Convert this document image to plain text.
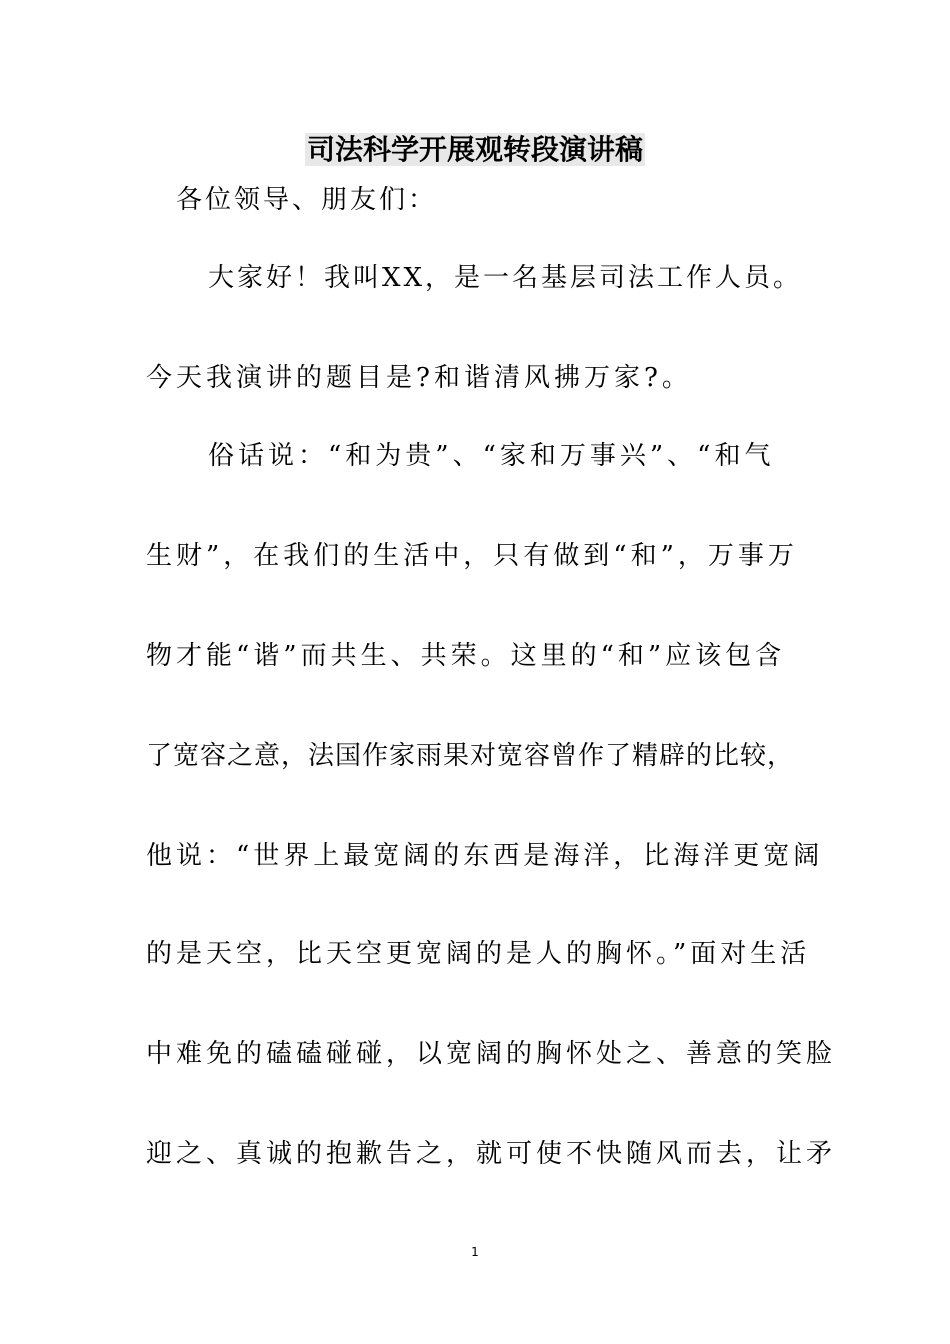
司法科学开展观转段演讲稿
各位领导、朋友们：
大家好！我叫XX，是一名基层司法工作人员。
今天我演讲的题目是?和谐清风拂万家?。
俗话说：“和为贵”、“家和万事兴”、“和气
生财”，在我们的生活中，只有做到“和”，万事万
物才能“谐”而共生、共荣。这里的“和”应该包含
了宽容之意，法国作家雨果对宽容曾作了精辟的比较，
他说：“世界上最宽阔的东西是海洋，比海洋更宽阔
的是天空，比天空更宽阔的是人的胸怀。”面对生活
中难免的磕磕碰碰，以宽阔的胸怀处之、善意的笑脸
迎之、真诚的抱歉告之，就可使不快随风而去，让矛
1
